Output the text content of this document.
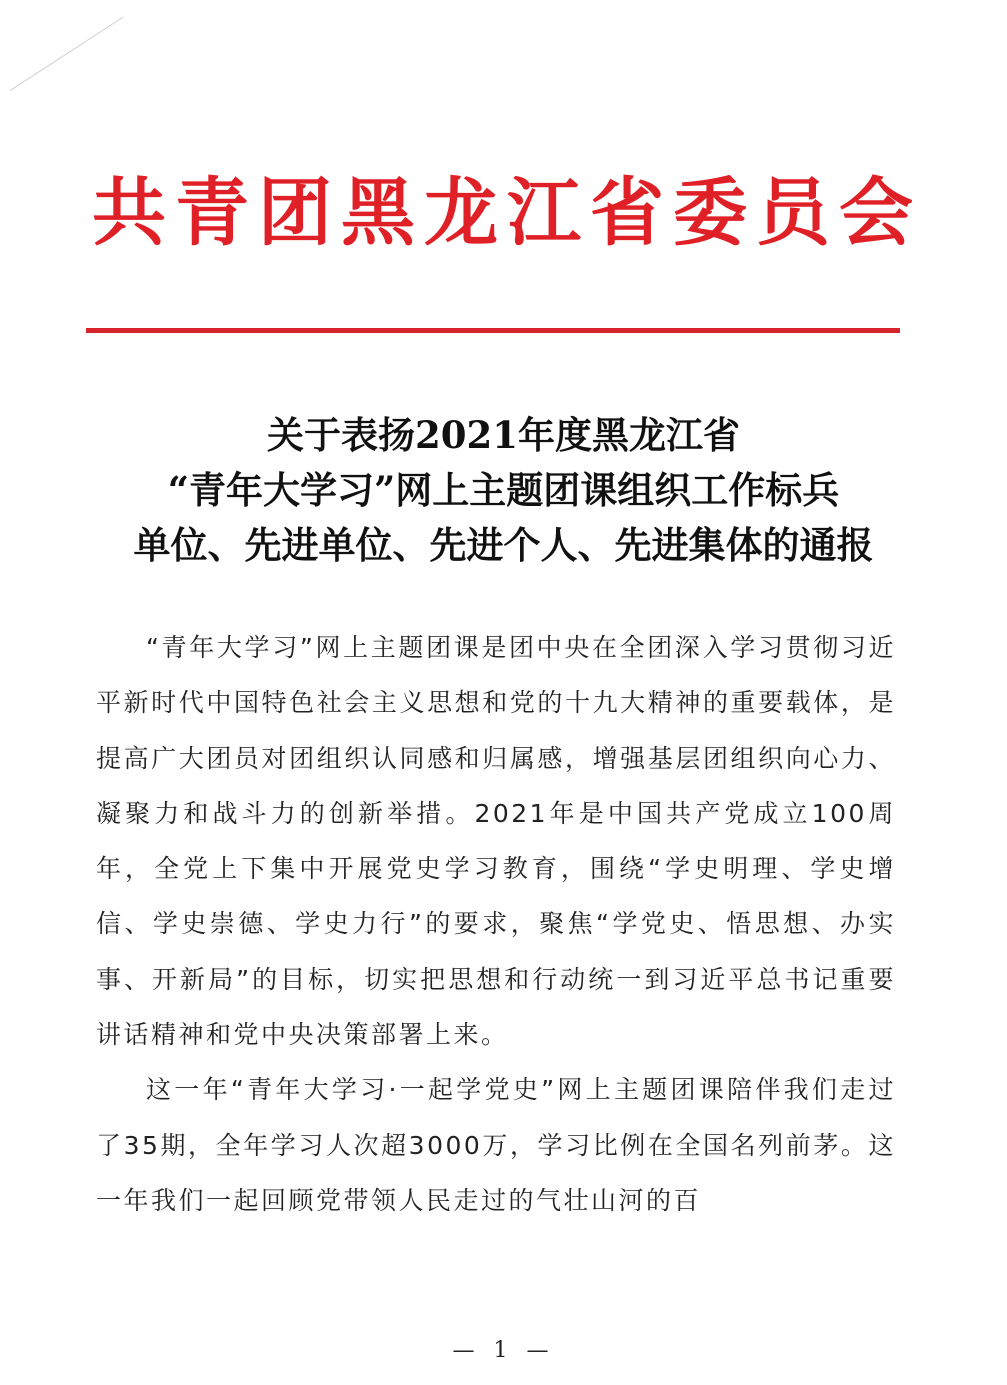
共青团黑龙江省委员会
关于表扬2021年度黑龙江省
“青年大学习”网上主题团课组织工作标兵
单位、先进单位、先进个人、先进集体的通报

“青年大学习”网上主题团课是团中央在全团深入学习贯彻习近平新时代中国特色社会主义思想和党的十九大精神的重要载体，是提高广大团员对团组织认同感和归属感，增强基层团组织向心力、凝聚力和战斗力的创新举措。2021年是中国共产党成立100周年，全党上下集中开展党史学习教育，围绕“学史明理、学史增信、学史崇德、学史力行”的要求，聚焦“学党史、悟思想、办实事、开新局”的目标，切实把思想和行动统一到习近平总书记重要讲话精神和党中央决策部署上来。

这一年“青年大学习·一起学党史”网上主题团课陪伴我们走过了35期，全年学习人次超3000万，学习比例在全国名列前茅。这一年我们一起回顾党带领人民走过的气壮山河的百

— 1 —
